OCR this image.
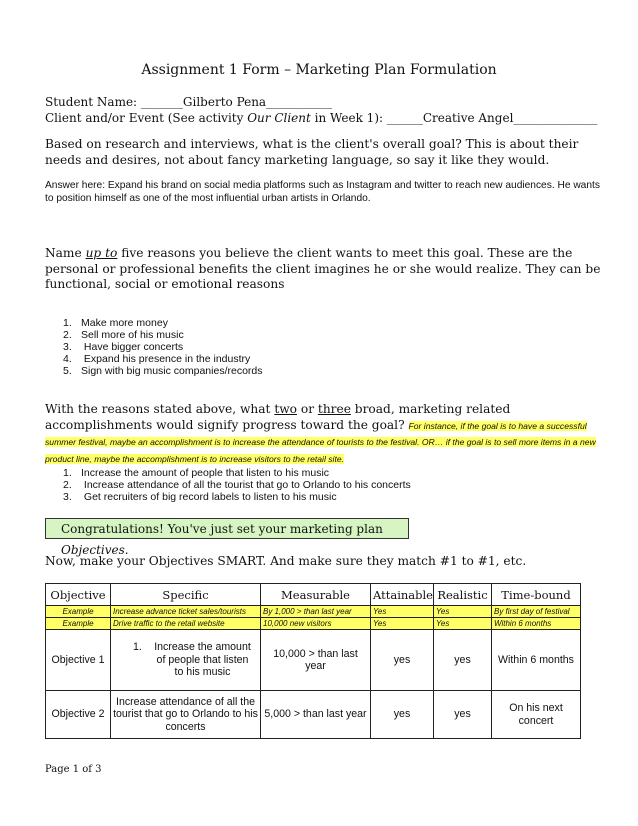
Assignment 1 Form – Marketing Plan Formulation
Student Name: _______Gilberto Pena___________
Client and/or Event (See activity Our Client in Week 1): ______Creative Angel______________
Based on research and interviews, what is the client's overall goal? This is about their needs and desires, not about fancy marketing language, so say it like they would.
Answer here: Expand his brand on social media platforms such as Instagram and twitter to reach new audiences. He wants to position himself as one of the most influential urban artists in Orlando.
Name up to five reasons you believe the client wants to meet this goal. These are the personal or professional benefits the client imagines he or she would realize. They can be functional, social or emotional reasons
1. Make more money
2. Sell more of his music
3. Have bigger concerts
4. Expand his presence in the industry
5. Sign with big music companies/records
With the reasons stated above, what two or three broad, marketing related accomplishments would signify progress toward the goal? For instance, if the goal is to have a successful summer festival, maybe an accomplishment is to increase the attendance of tourists to the festival. OR… if the goal is to sell more items in a new product line, maybe the accomplishment is to increase visitors to the retail site.
1. Increase the amount of people that listen to his music
2. Increase attendance of all the tourist that go to Orlando to his concerts
3. Get recruiters of big record labels to listen to his music
Congratulations! You've just set your marketing plan Objectives.
Now, make your Objectives SMART. And make sure they match #1 to #1, etc.
Objective	Specific	Measurable	Attainable	Realistic	Time-bound
Example	Increase advance ticket sales/tourists	By 1,000 > than last year	Yes	Yes	By first day of festival
Example	Drive traffic to the retail website	10,000 new visitors	Yes	Yes	Within 6 months
Objective 1	1. Increase the amount of people that listen to his music	10,000 > than last year	yes	yes	Within 6 months
Objective 2	Increase attendance of all the tourist that go to Orlando to his concerts	5,000 > than last year	yes	yes	On his next concert
Page 1 of 3
